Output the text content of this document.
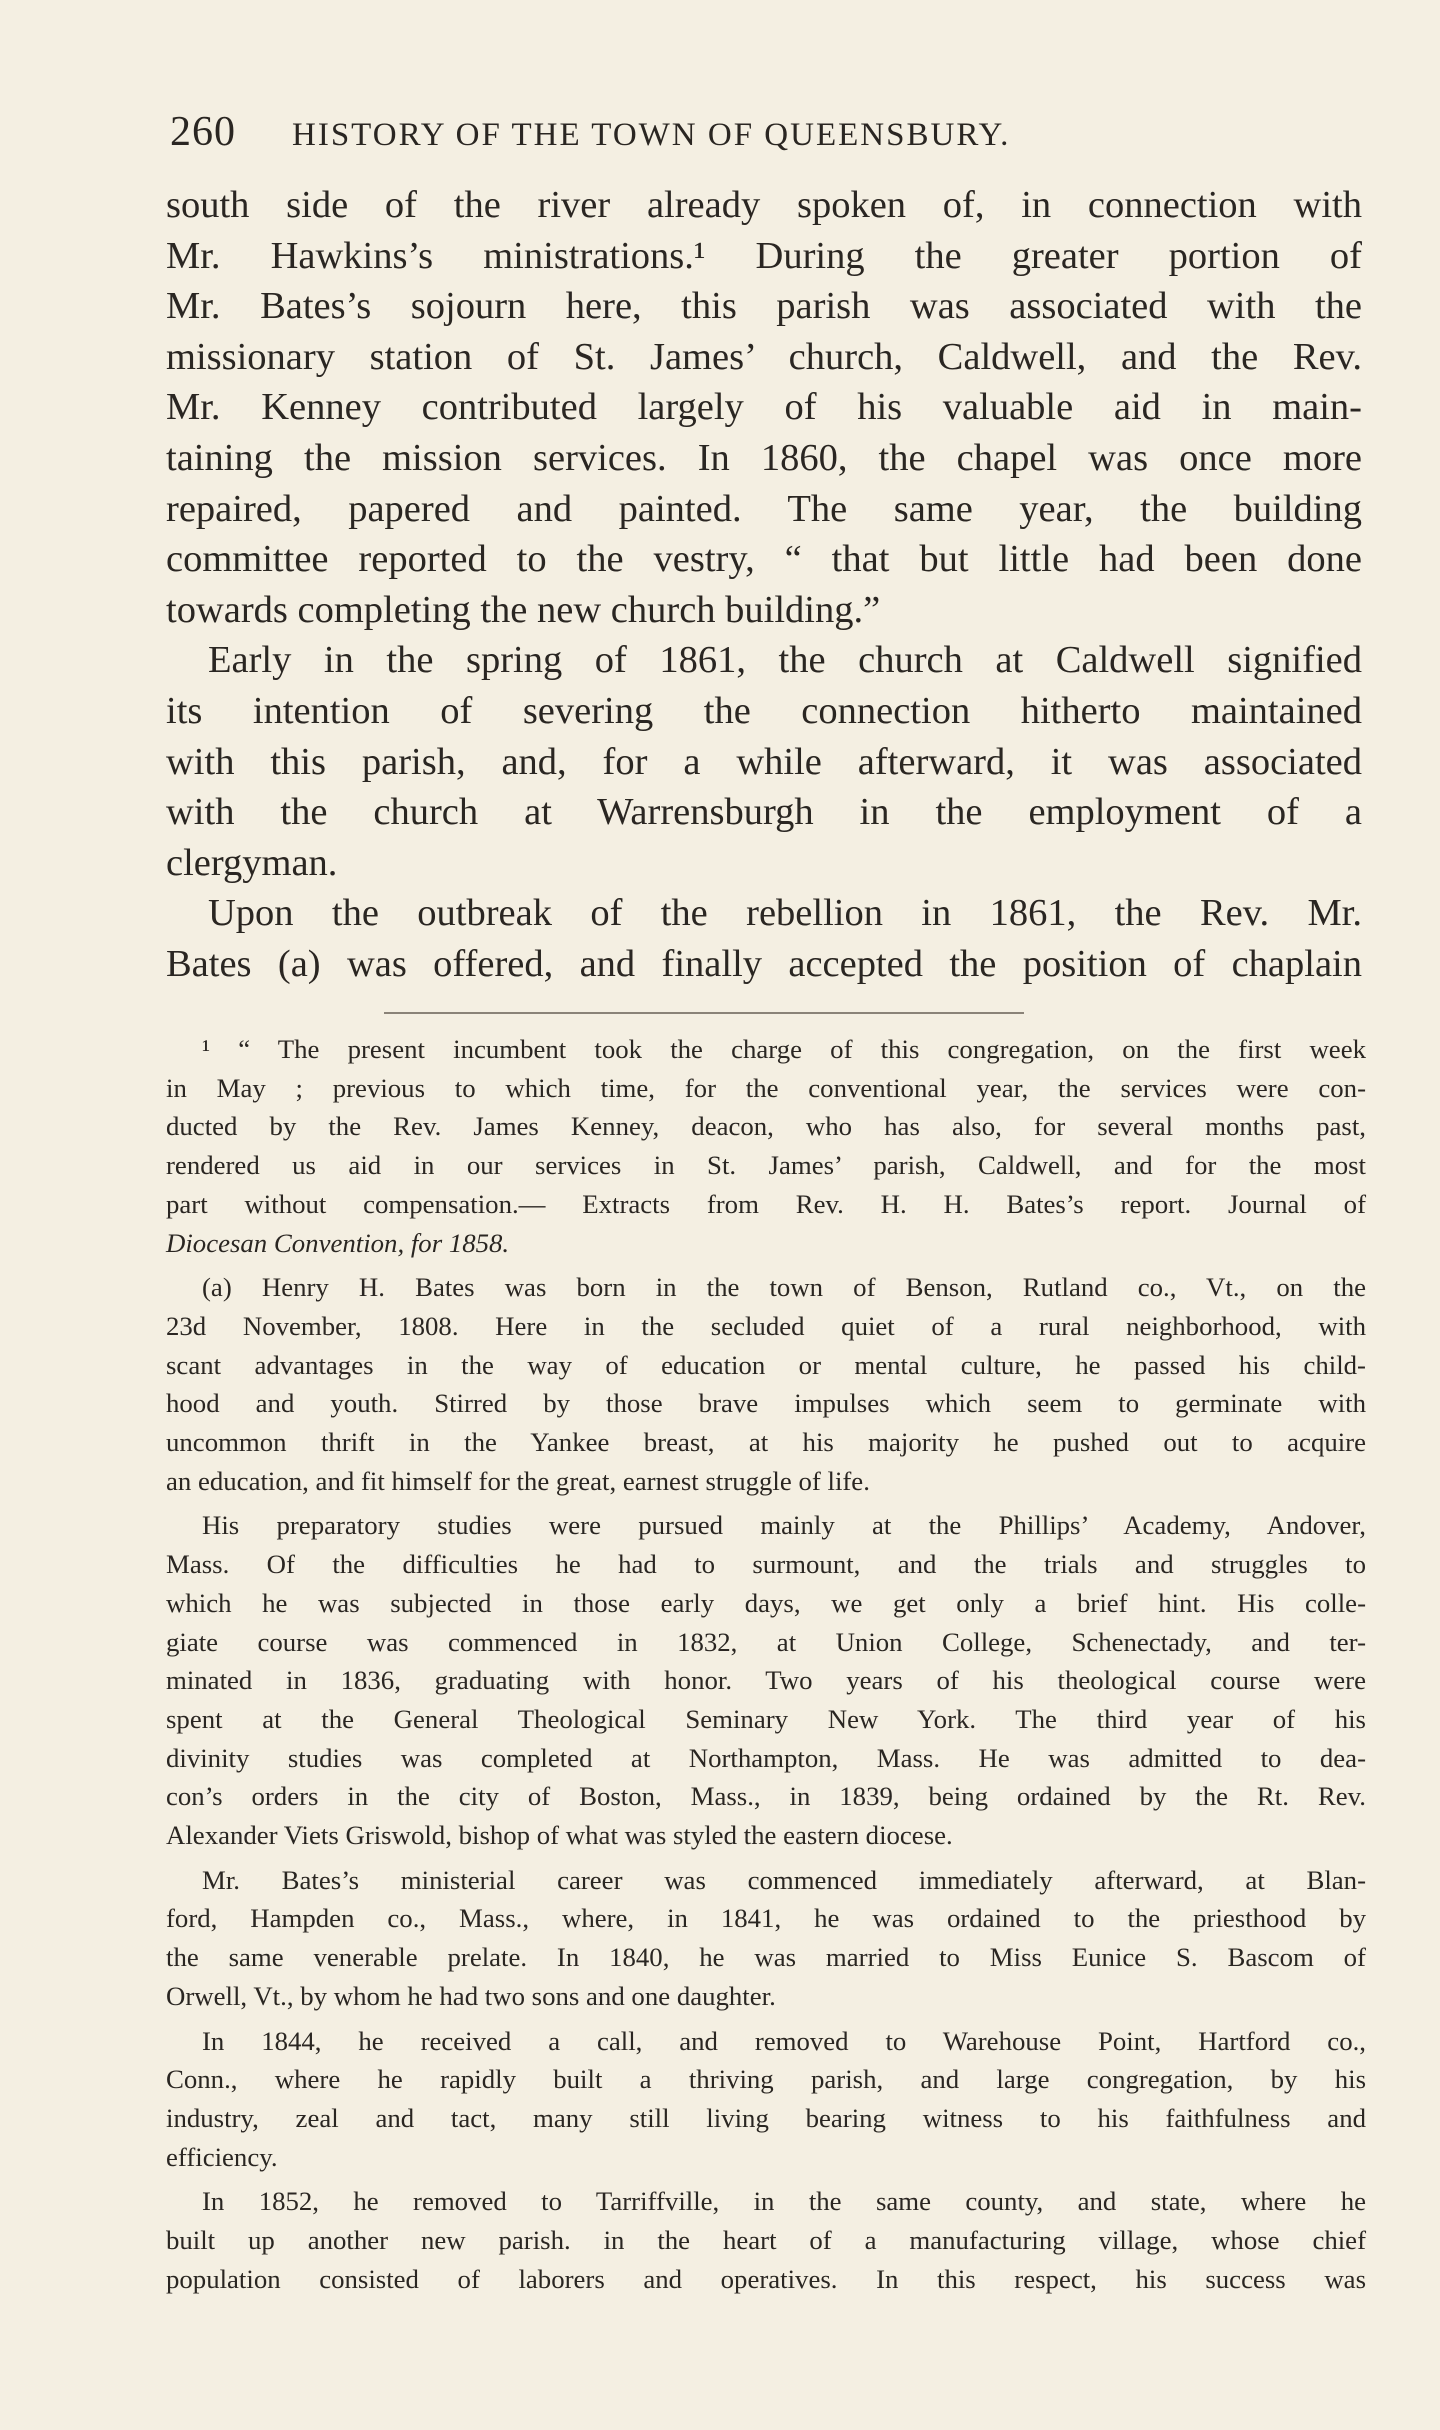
260 HISTORY OF THE TOWN OF QUEENSBURY.

south side of the river already spoken of, in connection with
Mr. Hawkins’s ministrations.¹ During the greater portion of
Mr. Bates’s sojourn here, this parish was associated with the
missionary station of St. James’ church, Caldwell, and the Rev.
Mr. Kenney contributed largely of his valuable aid in main-
taining the mission services. In 1860, the chapel was once more
repaired, papered and painted. The same year, the building
committee reported to the vestry, “ that but little had been done
towards completing the new church building.”

Early in the spring of 1861, the church at Caldwell signified
its intention of severing the connection hitherto maintained
with this parish, and, for a while afterward, it was associated
with the church at Warrensburgh in the employment of a
clergyman.

Upon the outbreak of the rebellion in 1861, the Rev. Mr.
Bates (a) was offered, and finally accepted the position of chaplain

¹ “ The present incumbent took the charge of this congregation, on the first week
in May ; previous to which time, for the conventional year, the services were con-
ducted by the Rev. James Kenney, deacon, who has also, for several months past,
rendered us aid in our services in St. James’ parish, Caldwell, and for the most
part without compensation.— Extracts from Rev. H. H. Bates’s report. Journal of
Diocesan Convention, for 1858.
(a) Henry H. Bates was born in the town of Benson, Rutland co., Vt., on the
23d November, 1808. Here in the secluded quiet of a rural neighborhood, with
scant advantages in the way of education or mental culture, he passed his child-
hood and youth. Stirred by those brave impulses which seem to germinate with
uncommon thrift in the Yankee breast, at his majority he pushed out to acquire
an education, and fit himself for the great, earnest struggle of life.
His preparatory studies were pursued mainly at the Phillips’ Academy, Andover,
Mass. Of the difficulties he had to surmount, and the trials and struggles to
which he was subjected in those early days, we get only a brief hint. His colle-
giate course was commenced in 1832, at Union College, Schenectady, and ter-
minated in 1836, graduating with honor. Two years of his theological course were
spent at the General Theological Seminary New York. The third year of his
divinity studies was completed at Northampton, Mass. He was admitted to dea-
con’s orders in the city of Boston, Mass., in 1839, being ordained by the Rt. Rev.
Alexander Viets Griswold, bishop of what was styled the eastern diocese.
Mr. Bates’s ministerial career was commenced immediately afterward, at Blan-
ford, Hampden co., Mass., where, in 1841, he was ordained to the priesthood by
the same venerable prelate. In 1840, he was married to Miss Eunice S. Bascom of
Orwell, Vt., by whom he had two sons and one daughter.
In 1844, he received a call, and removed to Warehouse Point, Hartford co.,
Conn., where he rapidly built a thriving parish, and large congregation, by his
industry, zeal and tact, many still living bearing witness to his faithfulness and
efficiency.
In 1852, he removed to Tarriffville, in the same county, and state, where he
built up another new parish. in the heart of a manufacturing village, whose chief
population consisted of laborers and operatives. In this respect, his success was
